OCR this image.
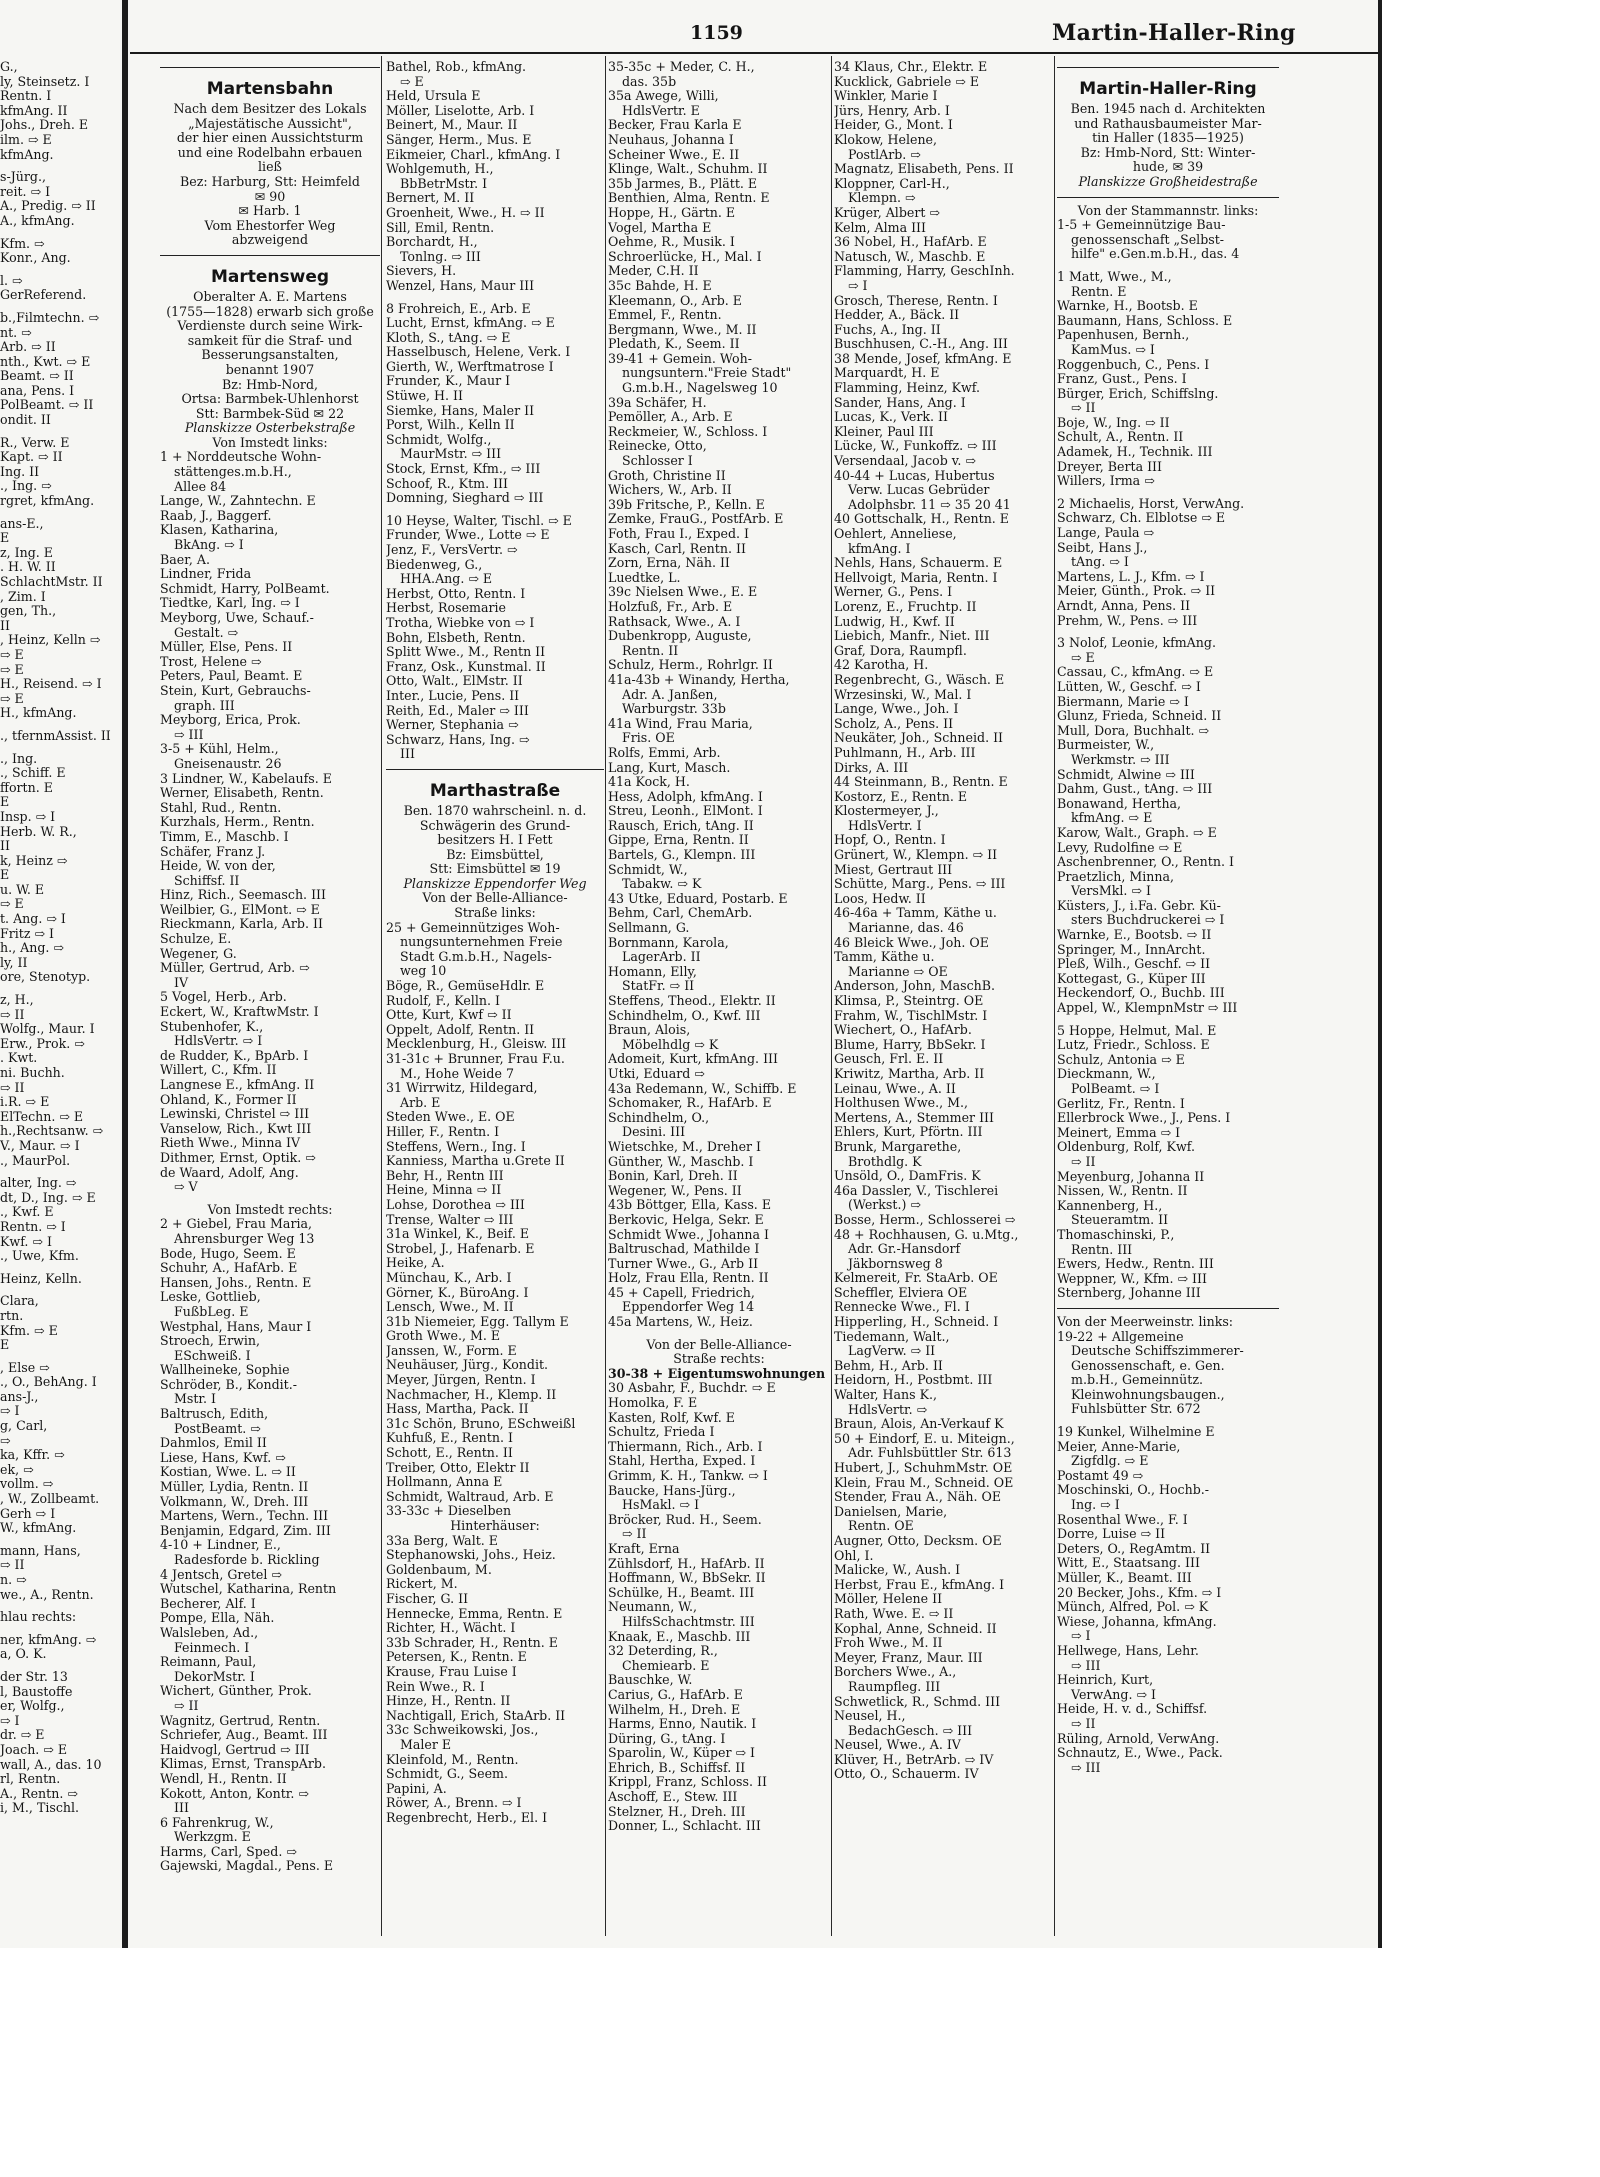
1159	Martin-Haller-Ring
G.,
ly, Steinsetz. I
Rentn. I
kfmAng. II
Johs., Dreh. E
ilm. ⇨ E
kfmAng.
s-Jürg.,
reit. ⇨ I
A., Predig. ⇨ II
A., kfmAng.
Kfm. ⇨
Konr., Ang.
l. ⇨
GerReferend.
b.,Filmtechn. ⇨
nt. ⇨
Arb. ⇨ II
nth., Kwt. ⇨ E
Beamt. ⇨ II
ana, Pens. I
PolBeamt. ⇨ II
ondit. II
R., Verw. E
Kapt. ⇨ II
Ing. II
., Ing. ⇨
rgret, kfmAng.
ans-E.,
E
z, Ing. E
. H. W. II
SchlachtMstr. II
, Zim. I
gen, Th.,
II
, Heinz, Kelln ⇨
⇨ E
⇨ E
H., Reisend. ⇨ I
⇨ E
H., kfmAng.
., tfernmAssist. II
., Ing.
., Schiff. E
ffortn. E
E
Insp. ⇨ I
Herb. W. R.,
II
k, Heinz ⇨
E
u. W. E
⇨ E
t. Ang. ⇨ I
Fritz ⇨ I
h., Ang. ⇨
ly, II
ore, Stenotyp.
z, H.,
⇨ II
Wolfg., Maur. I
Erw., Prok. ⇨
. Kwt.
ni. Buchh.
⇨ II
i.R. ⇨ E
ElTechn. ⇨ E
h.,Rechtsanw. ⇨
V., Maur. ⇨ I
., MaurPol.
alter, Ing. ⇨
dt, D., Ing. ⇨ E
., Kwf. E
Rentn. ⇨ I
Kwf. ⇨ I
., Uwe, Kfm.
Heinz, Kelln.
Clara,
rtn.
Kfm. ⇨ E
E
, Else ⇨
., O., BehAng. I
ans-J.,
⇨ I
g, Carl,
⇨
ka, Kffr. ⇨
ek, ⇨
vollm. ⇨
, W., Zollbeamt.
Gerh ⇨ I
W., kfmAng.
mann, Hans,
⇨ II
n. ⇨
we., A., Rentn.
hlau rechts:
ner, kfmAng. ⇨
a, O. K.
der Str. 13
l, Baustoffe
er, Wolfg.,
⇨ I
dr. ⇨ E
Joach. ⇨ E
wall, A., das. 10
rl, Rentn.
A., Rentn. ⇨
i, M., Tischl.
Martensbahn
Nach dem Besitzer des Lokals
„Majestätische Aussicht",
der hier einen Aussichtsturm
und eine Rodelbahn erbauen
ließ
Bez: Harburg, Stt: Heimfeld
✉ 90
✉ Harb. 1
Vom Ehestorfer Weg
abzweigend
Martensweg
Oberalter A. E. Martens
(1755—1828) erwarb sich große
Verdienste durch seine Wirk-
samkeit für die Straf- und
Besserungsanstalten,
benannt 1907
Bz: Hmb-Nord,
Ortsa: Barmbek-Uhlenhorst
Stt: Barmbek-Süd ✉ 22
Planskizze Osterbekstraße
Von Imstedt links:
1 + Norddeutsche Wohn-
stättenges.m.b.H.,
Allee 84
Lange, W., Zahntechn. E
Raab, J., Baggerf.
Klasen, Katharina,
BkAng. ⇨ I
Baer, A.
Lindner, Frida
Schmidt, Harry, PolBeamt.
Tiedtke, Karl, Ing. ⇨ I
Meyborg, Uwe, Schauf.-
Gestalt. ⇨
Müller, Else, Pens. II
Trost, Helene ⇨
Peters, Paul, Beamt. E
Stein, Kurt, Gebrauchs-
graph. III
Meyborg, Erica, Prok.
⇨ III
3-5 + Kühl, Helm.,
Gneisenaustr. 26
3 Lindner, W., Kabelaufs. E
Werner, Elisabeth, Rentn.
Stahl, Rud., Rentn.
Kurzhals, Herm., Rentn.
Timm, E., Maschb. I
Schäfer, Franz J.
Heide, W. von der,
Schiffsf. II
Hinz, Rich., Seemasch. III
Weilbier, G., ElMont. ⇨ E
Rieckmann, Karla, Arb. II
Schulze, E.
Wegener, G.
Müller, Gertrud, Arb. ⇨
IV
5 Vogel, Herb., Arb.
Eckert, W., KraftwMstr. I
Stubenhofer, K.,
HdlsVertr. ⇨ I
de Rudder, K., BpArb. I
Willert, C., Kfm. II
Langnese E., kfmAng. II
Ohland, K., Former II
Lewinski, Christel ⇨ III
Vanselow, Rich., Kwt III
Rieth Wwe., Minna IV
Dithmer, Ernst, Optik. ⇨
de Waard, Adolf, Ang.
⇨ V
Von Imstedt rechts:
2 + Giebel, Frau Maria,
Ahrensburger Weg 13
Bode, Hugo, Seem. E
Schuhr, A., HafArb. E
Hansen, Johs., Rentn. E
Leske, Gottlieb,
FußbLeg. E
Westphal, Hans, Maur I
Stroech, Erwin,
ESchweiß. I
Wallheineke, Sophie
Schröder, B., Kondit.-
Mstr. I
Baltrusch, Edith,
PostBeamt. ⇨
Dahmlos, Emil II
Liese, Hans, Kwf. ⇨
Kostian, Wwe. L. ⇨ II
Müller, Lydia, Rentn. II
Volkmann, W., Dreh. III
Martens, Wern., Techn. III
Benjamin, Edgard, Zim. III
4-10 + Lindner, E.,
Radesforde b. Rickling
4 Jentsch, Gretel ⇨
Wutschel, Katharina, Rentn
Becherer, Alf. I
Pompe, Ella, Näh.
Walsleben, Ad.,
Feinmech. I
Reimann, Paul,
DekorMstr. I
Wichert, Günther, Prok.
⇨ II
Wagnitz, Gertrud, Rentn.
Schriefer, Aug., Beamt. III
Haidvogl, Gertrud ⇨ III
Klimas, Ernst, TranspArb.
Wendl, H., Rentn. II
Kokott, Anton, Kontr. ⇨
III
6 Fahrenkrug, W.,
Werkzgm. E
Harms, Carl, Sped. ⇨
Gajewski, Magdal., Pens. E
Bathel, Rob., kfmAng.
⇨ E
Held, Ursula E
Möller, Liselotte, Arb. I
Beinert, M., Maur. II
Sänger, Herm., Mus. E
Eikmeier, Charl., kfmAng. I
Wohlgemuth, H.,
BbBetrMstr. I
Bernert, M. II
Groenheit, Wwe., H. ⇨ II
Sill, Emil, Rentn.
Borchardt, H.,
Tonlng. ⇨ III
Sievers, H.
Wenzel, Hans, Maur III
8 Frohreich, E., Arb. E
Lucht, Ernst, kfmAng. ⇨ E
Kloth, S., tAng. ⇨ E
Hasselbusch, Helene, Verk. I
Gierth, W., Werftmatrose I
Frunder, K., Maur I
Stüwe, H. II
Siemke, Hans, Maler II
Porst, Wilh., Kelln II
Schmidt, Wolfg.,
MaurMstr. ⇨ III
Stock, Ernst, Kfm., ⇨ III
Schoof, R., Ktm. III
Domning, Sieghard ⇨ III
10 Heyse, Walter, Tischl. ⇨ E
Frunder, Wwe., Lotte ⇨ E
Jenz, F., VersVertr. ⇨
Biedenweg, G.,
HHA.Ang. ⇨ E
Herbst, Otto, Rentn. I
Herbst, Rosemarie
Trotha, Wiebke von ⇨ I
Bohn, Elsbeth, Rentn.
Splitt Wwe., M., Rentn II
Franz, Osk., Kunstmal. II
Otto, Walt., ElMstr. II
Inter., Lucie, Pens. II
Reith, Ed., Maler ⇨ III
Werner, Stephania ⇨
Schwarz, Hans, Ing. ⇨
III
Marthastraße
Ben. 1870 wahrscheinl. n. d.
Schwägerin des Grund-
besitzers H. I Fett
Bz: Eimsbüttel,
Stt: Eimsbüttel ✉ 19
Planskizze Eppendorfer Weg
Von der Belle-Alliance-
Straße links:
25 + Gemeinnütziges Woh-
nungsunternehmen Freie
Stadt G.m.b.H., Nagels-
weg 10
Böge, R., GemüseHdlr. E
Rudolf, F., Kelln. I
Otte, Kurt, Kwf ⇨ II
Oppelt, Adolf, Rentn. II
Mecklenburg, H., Gleisw. III
31-31c + Brunner, Frau F.u.
M., Hohe Weide 7
31 Wirrwitz, Hildegard,
Arb. E
Steden Wwe., E. OE
Hiller, F., Rentn. I
Steffens, Wern., Ing. I
Kanniess, Martha u.Grete II
Behr, H., Rentn III
Heine, Minna ⇨ II
Lohse, Dorothea ⇨ III
Trense, Walter ⇨ III
31a Winkel, K., Beif. E
Strobel, J., Hafenarb. E
Heike, A.
Münchau, K., Arb. I
Görner, K., BüroAng. I
Lensch, Wwe., M. II
31b Niemeier, Egg. Tallym E
Groth Wwe., M. E
Janssen, W., Form. E
Neuhäuser, Jürg., Kondit.
Meyer, Jürgen, Rentn. I
Nachmacher, H., Klemp. II
Hass, Martha, Pack. II
31c Schön, Bruno, ESchweißl
Kuhfuß, E., Rentn. I
Schott, E., Rentn. II
Treiber, Otto, Elektr II
Hollmann, Anna E
Schmidt, Waltraud, Arb. E
33-33c + Dieselben
Hinterhäuser:
33a Berg, Walt. E
Stephanowski, Johs., Heiz.
Goldenbaum, M.
Rickert, M.
Fischer, G. II
Hennecke, Emma, Rentn. E
Richter, H., Wächt. I
33b Schrader, H., Rentn. E
Petersen, K., Rentn. E
Krause, Frau Luise I
Rein Wwe., R. I
Hinze, H., Rentn. II
Nachtigall, Erich, StaArb. II
33c Schweikowski, Jos.,
Maler E
Kleinfold, M., Rentn.
Schmidt, G., Seem.
Papini, A.
Röwer, A., Brenn. ⇨ I
Regenbrecht, Herb., El. I
35-35c + Meder, C. H.,
das. 35b
35a Awege, Willi,
HdlsVertr. E
Becker, Frau Karla E
Neuhaus, Johanna I
Scheiner Wwe., E. II
Klinge, Walt., Schuhm. II
35b Jarmes, B., Plätt. E
Benthien, Alma, Rentn. E
Hoppe, H., Gärtn. E
Vogel, Martha E
Oehme, R., Musik. I
Schroerlücke, H., Mal. I
Meder, C.H. II
35c Bahde, H. E
Kleemann, O., Arb. E
Emmel, F., Rentn.
Bergmann, Wwe., M. II
Pledath, K., Seem. II
39-41 + Gemein. Woh-
nungsuntern."Freie Stadt"
G.m.b.H., Nagelsweg 10
39a Schäfer, H.
Pemöller, A., Arb. E
Reckmeier, W., Schloss. I
Reinecke, Otto,
Schlosser I
Groth, Christine II
Wichers, W., Arb. II
39b Fritsche, P., Kelln. E
Zemke, FrauG., PostfArb. E
Foth, Frau I., Exped. I
Kasch, Carl, Rentn. II
Zorn, Erna, Näh. II
Luedtke, L.
39c Nielsen Wwe., E. E
Holzfuß, Fr., Arb. E
Rathsack, Wwe., A. I
Dubenkropp, Auguste,
Rentn. II
Schulz, Herm., Rohrlgr. II
41a-43b + Winandy, Hertha,
Adr. A. Janßen,
Warburgstr. 33b
41a Wind, Frau Maria,
Fris. OE
Rolfs, Emmi, Arb.
Lang, Kurt, Masch.
41a Kock, H.
Hess, Adolph, kfmAng. I
Streu, Leonh., ElMont. I
Rausch, Erich, tAng. II
Gippe, Erna, Rentn. II
Bartels, G., Klempn. III
Schmidt, W.,
Tabakw. ⇨ K
43 Utke, Eduard, Postarb. E
Behm, Carl, ChemArb.
Sellmann, G.
Bornmann, Karola,
LagerArb. II
Homann, Elly,
StatFr. ⇨ II
Steffens, Theod., Elektr. II
Schindhelm, O., Kwf. III
Braun, Alois,
Möbelhdlg ⇨ K
Adomeit, Kurt, kfmAng. III
Utki, Eduard ⇨
43a Redemann, W., Schiffb. E
Schomaker, R., HafArb. E
Schindhelm, O.,
Desini. III
Wietschke, M., Dreher I
Günther, W., Maschb. I
Bonin, Karl, Dreh. II
Wegener, W., Pens. II
43b Böttger, Ella, Kass. E
Berkovic, Helga, Sekr. E
Schmidt Wwe., Johanna I
Baltruschad, Mathilde I
Turner Wwe., G., Arb II
Holz, Frau Ella, Rentn. II
45 + Capell, Friedrich,
Eppendorfer Weg 14
45a Martens, W., Heiz.
Von der Belle-Alliance-
Straße rechts:
30-38 + Eigentumswohnungen
30 Asbahr, F., Buchdr. ⇨ E
Homolka, F. E
Kasten, Rolf, Kwf. E
Schultz, Frieda I
Thiermann, Rich., Arb. I
Stahl, Hertha, Exped. I
Grimm, K. H., Tankw. ⇨ I
Baucke, Hans-Jürg.,
HsMakl. ⇨ I
Bröcker, Rud. H., Seem.
⇨ II
Kraft, Erna
Zühlsdorf, H., HafArb. II
Hoffmann, W., BbSekr. II
Schülke, H., Beamt. III
Neumann, W.,
HilfsSchachtmstr. III
Knaak, E., Maschb. III
32 Deterding, R.,
Chemiearb. E
Bauschke, W.
Carius, G., HafArb. E
Wilhelm, H., Dreh. E
Harms, Enno, Nautik. I
Düring, G., tAng. I
Sparolin, W., Küper ⇨ I
Ehrich, B., Schiffsf. II
Krippl, Franz, Schloss. II
Aschoff, E., Stew. III
Stelzner, H., Dreh. III
Donner, L., Schlacht. III
34 Klaus, Chr., Elektr. E
Kucklick, Gabriele ⇨ E
Winkler, Marie I
Jürs, Henry, Arb. I
Heider, G., Mont. I
Klokow, Helene,
PostlArb. ⇨
Magnatz, Elisabeth, Pens. II
Kloppner, Carl-H.,
Klempn. ⇨
Krüger, Albert ⇨
Kelm, Alma III
36 Nobel, H., HafArb. E
Natusch, W., Maschb. E
Flamming, Harry, GeschInh.
⇨ I
Grosch, Therese, Rentn. I
Hedder, A., Bäck. II
Fuchs, A., Ing. II
Buschhusen, C.-H., Ang. III
38 Mende, Josef, kfmAng. E
Marquardt, H. E
Flamming, Heinz, Kwf.
Sander, Hans, Ang. I
Lucas, K., Verk. II
Kleiner, Paul III
Lücke, W., Funkoffz. ⇨ III
Versendaal, Jacob v. ⇨
40-44 + Lucas, Hubertus
Verw. Lucas Gebrüder
Adolphsbr. 11 ⇨ 35 20 41
40 Gottschalk, H., Rentn. E
Oehlert, Anneliese,
kfmAng. I
Nehls, Hans, Schauerm. E
Hellvoigt, Maria, Rentn. I
Werner, G., Pens. I
Lorenz, E., Fruchtp. II
Ludwig, H., Kwf. II
Liebich, Manfr., Niet. III
Graf, Dora, Raumpfl.
42 Karotha, H.
Regenbrecht, G., Wäsch. E
Wrzesinski, W., Mal. I
Lange, Wwe., Joh. I
Scholz, A., Pens. II
Neukäter, Joh., Schneid. II
Puhlmann, H., Arb. III
Dirks, A. III
44 Steinmann, B., Rentn. E
Kostorz, E., Rentn. E
Klostermeyer, J.,
HdlsVertr. I
Hopf, O., Rentn. I
Grünert, W., Klempn. ⇨ II
Miest, Gertraut III
Schütte, Marg., Pens. ⇨ III
Loos, Hedw. II
46-46a + Tamm, Käthe u.
Marianne, das. 46
46 Bleick Wwe., Joh. OE
Tamm, Käthe u.
Marianne ⇨ OE
Anderson, John, MaschB.
Klimsa, P., Steintrg. OE
Frahm, W., TischlMstr. I
Wiechert, O., HafArb.
Blume, Harry, BbSekr. I
Geusch, Frl. E. II
Kriwitz, Martha, Arb. II
Leinau, Wwe., A. II
Holthusen Wwe., M.,
Mertens, A., Stemmer III
Ehlers, Kurt, Pförtn. III
Brunk, Margarethe,
Brothdlg. K
Unsöld, O., DamFris. K
46a Dassler, V., Tischlerei
(Werkst.) ⇨
Bosse, Herm., Schlosserei ⇨
48 + Rochhausen, G. u.Mtg.,
Adr. Gr.-Hansdorf
Jäkbornsweg 8
Kelmereit, Fr. StaArb. OE
Scheffler, Elviera OE
Rennecke Wwe., Fl. I
Hipperling, H., Schneid. I
Tiedemann, Walt.,
LagVerw. ⇨ II
Behm, H., Arb. II
Heidorn, H., Postbmt. III
Walter, Hans K.,
HdlsVertr. ⇨
Braun, Alois, An-Verkauf K
50 + Eindorf, E. u. Miteign.,
Adr. Fuhlsbüttler Str. 613
Hubert, J., SchuhmMstr. OE
Klein, Frau M., Schneid. OE
Stender, Frau A., Näh. OE
Danielsen, Marie,
Rentn. OE
Augner, Otto, Decksm. OE
Ohl, I.
Malicke, W., Aush. I
Herbst, Frau E., kfmAng. I
Möller, Helene II
Rath, Wwe. E. ⇨ II
Kophal, Anne, Schneid. II
Froh Wwe., M. II
Meyer, Franz, Maur. III
Borchers Wwe., A.,
Raumpfleg. III
Schwetlick, R., Schmd. III
Neusel, H.,
BedachGesch. ⇨ III
Neusel, Wwe., A. IV
Klüver, H., BetrArb. ⇨ IV
Otto, O., Schauerm. IV
Martin-Haller-Ring
Ben. 1945 nach d. Architekten
und Rathausbaumeister Mar-
tin Haller (1835—1925)
Bz: Hmb-Nord, Stt: Winter-
hude, ✉ 39
Planskizze Großheidestraße
Von der Stammannstr. links:
1-5 + Gemeinnützige Bau-
genossenschaft „Selbst-
hilfe" e.Gen.m.b.H., das. 4
1 Matt, Wwe., M.,
Rentn. E
Warnke, H., Bootsb. E
Baumann, Hans, Schloss. E
Papenhusen, Bernh.,
KamMus. ⇨ I
Roggenbuch, C., Pens. I
Franz, Gust., Pens. I
Bürger, Erich, Schiffslng.
⇨ II
Boje, W., Ing. ⇨ II
Schult, A., Rentn. II
Adamek, H., Technik. III
Dreyer, Berta III
Willers, Irma ⇨
2 Michaelis, Horst, VerwAng.
Schwarz, Ch. Elblotse ⇨ E
Lange, Paula ⇨
Seibt, Hans J.,
tAng. ⇨ I
Martens, L. J., Kfm. ⇨ I
Meier, Günth., Prok. ⇨ II
Arndt, Anna, Pens. II
Prehm, W., Pens. ⇨ III
3 Nolof, Leonie, kfmAng.
⇨ E
Cassau, C., kfmAng. ⇨ E
Lütten, W., Geschf. ⇨ I
Biermann, Marie ⇨ I
Glunz, Frieda, Schneid. II
Mull, Dora, Buchhalt. ⇨
Burmeister, W.,
Werkmstr. ⇨ III
Schmidt, Alwine ⇨ III
Dahm, Gust., tAng. ⇨ III
Bonawand, Hertha,
kfmAng. ⇨ E
Karow, Walt., Graph. ⇨ E
Levy, Rudolfine ⇨ E
Aschenbrenner, O., Rentn. I
Praetzlich, Minna,
VersMkl. ⇨ I
Küsters, J., i.Fa. Gebr. Kü-
sters Buchdruckerei ⇨ I
Warnke, E., Bootsb. ⇨ II
Springer, M., InnArcht.
Pleß, Wilh., Geschf. ⇨ II
Kottegast, G., Küper III
Heckendorf, O., Buchb. III
Appel, W., KlempnMstr ⇨ III
5 Hoppe, Helmut, Mal. E
Lutz, Friedr., Schloss. E
Schulz, Antonia ⇨ E
Dieckmann, W.,
PolBeamt. ⇨ I
Gerlitz, Fr., Rentn. I
Ellerbrock Wwe., J., Pens. I
Meinert, Emma ⇨ I
Oldenburg, Rolf, Kwf.
⇨ II
Meyenburg, Johanna II
Nissen, W., Rentn. II
Kannenberg, H.,
Steueramtm. II
Thomaschinski, P.,
Rentn. III
Ewers, Hedw., Rentn. III
Weppner, W., Kfm. ⇨ III
Sternberg, Johanne III
Von der Meerweinstr. links:
19-22 + Allgemeine
Deutsche Schiffszimmerer-
Genossenschaft, e. Gen.
m.b.H., Gemeinnütz.
Kleinwohnungsbaugen.,
Fuhlsbütter Str. 672
19 Kunkel, Wilhelmine E
Meier, Anne-Marie,
Zigfdlg. ⇨ E
Postamt 49 ⇨
Moschinski, O., Hochb.-
Ing. ⇨ I
Rosenthal Wwe., F. I
Dorre, Luise ⇨ II
Deters, O., RegAmtm. II
Witt, E., Staatsang. III
Müller, K., Beamt. III
20 Becker, Johs., Kfm. ⇨ I
Münch, Alfred, Pol. ⇨ K
Wiese, Johanna, kfmAng.
⇨ I
Hellwege, Hans, Lehr.
⇨ III
Heinrich, Kurt,
VerwAng. ⇨ I
Heide, H. v. d., Schiffsf.
⇨ II
Rüling, Arnold, VerwAng.
Schnautz, E., Wwe., Pack.
⇨ III
